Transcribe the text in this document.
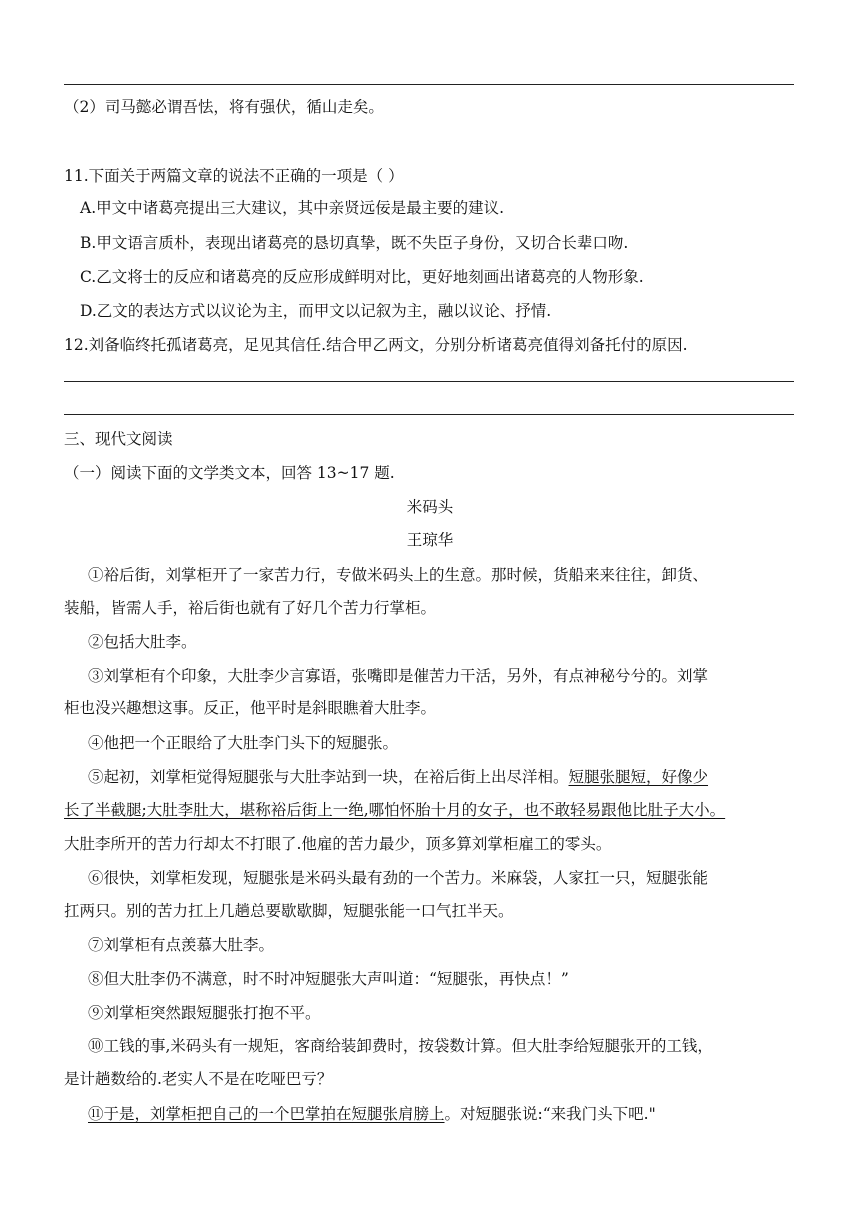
（2）司马懿必谓吾怯，将有强伏，循山走矣。
11.下面关于两篇文章的说法不正确的一项是（ ）
A.甲文中诸葛亮提出三大建议，其中亲贤远佞是最主要的建议.
B.甲文语言质朴，表现出诸葛亮的恳切真挚，既不失臣子身份，又切合长辈口吻.
C.乙文将士的反应和诸葛亮的反应形成鲜明对比，更好地刻画出诸葛亮的人物形象.
D.乙文的表达方式以议论为主，而甲文以记叙为主，融以议论、抒情.
12.刘备临终托孤诸葛亮，足见其信任.结合甲乙两文，分别分析诸葛亮值得刘备托付的原因.
三、现代文阅读
（一）阅读下面的文学类文本，回答 13~17 题.
米码头
王琼华
①裕后街，刘掌柜开了一家苦力行，专做米码头上的生意。那时候，货船来来往往，卸货、
装船，皆需人手，裕后街也就有了好几个苦力行掌柜。
②包括大肚李。
③刘掌柜有个印象，大肚李少言寡语，张嘴即是催苦力干活，另外，有点神秘兮兮的。刘掌
柜也没兴趣想这事。反正，他平时是斜眼瞧着大肚李。
④他把一个正眼给了大肚李门头下的短腿张。
⑤起初，刘掌柜觉得短腿张与大肚李站到一块，在裕后街上出尽洋相。短腿张腿短，好像少
长了半截腿;大肚李肚大，堪称裕后街上一绝,哪怕怀胎十月的女子，也不敢轻易跟他比肚子大小。
大肚李所开的苦力行却太不打眼了.他雇的苦力最少，顶多算刘掌柜雇工的零头。
⑥很快，刘掌柜发现，短腿张是米码头最有劲的一个苦力。米麻袋，人家扛一只，短腿张能
扛两只。别的苦力扛上几趟总要歇歇脚，短腿张能一口气扛半天。
⑦刘掌柜有点羡慕大肚李。
⑧但大肚李仍不满意，时不时冲短腿张大声叫道：“短腿张，再快点！”
⑨刘掌柜突然跟短腿张打抱不平。
⑩工钱的事,米码头有一规矩，客商给装卸费时，按袋数计算。但大肚李给短腿张开的工钱，
是计趟数给的.老实人不是在吃哑巴亏？
⑪于是，刘掌柜把自己的一个巴掌拍在短腿张肩膀上。对短腿张说:“来我门头下吧."
